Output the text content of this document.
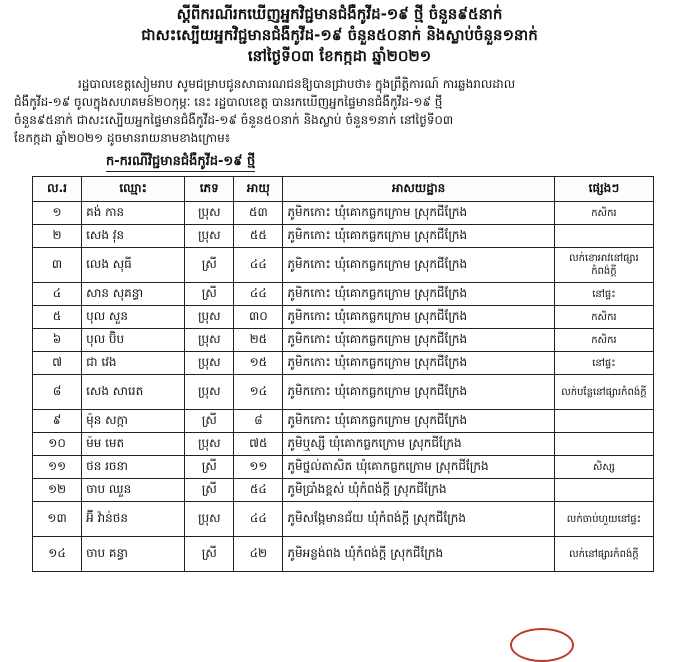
ស្ដីពីករណីរកឃើញអ្នកវិជ្ជមានជំងឺកូវីដ-១៩ ថ្មី ចំនួន៩៥នាក់

ជាសះស្បើយអ្នកវិជ្ជមានជំងឺកូវីដ-១៩ ចំនួន៥០នាក់ និងស្លាប់ចំនួន១នាក់

នៅថ្ងៃទី០៣ ខែកក្កដា ឆ្នាំ២០២១

រដ្ឋបាលខេត្តសៀមរាប សូមជម្រាបជូនសាធារណជនឱ្យបានជ្រាបថា៖ ក្នុងព្រឹត្តិការណ៍ ការឆ្លងរាលដាល

ជំងឺកូវីដ-១៩ ចូលក្នុងសហគមន៍២០កុម្ភៈ នេះ រដ្ឋបាលខេត្ត បានរកឃើញអ្នកផ្ទៃមានជំងឺកូវីដ-១៩ ថ្មី

ចំនួន៩៥នាក់ ជាសះស្បើយអ្នកផ្ទៃមានជំងឺកូវីដ-១៩ ចំនួន៥០នាក់ និងស្លាប់ ចំនួន១នាក់ នៅថ្ងៃទី០៣

ខែកក្កដា ឆ្នាំ២០២១ ដូចមានរាយនាមខាងក្រោម៖

ក-ករណីវិជ្ជមានជំងឺកូវីដ-១៩ ថ្មី
ល.រ	ឈ្មោះ	ភេទ	អាយុ	អាសយដ្ឋាន	ផ្សេងៗ
១	គង់ កាន	ប្រុស	៥៣	ភូមិកកោះ ឃុំគោកធ្លកក្រោម ស្រុកជីក្រែង	កសិករ
២	សេង វុន	ប្រុស	៥៥	ភូមិកកោះ ឃុំគោកធ្លកក្រោម ស្រុកជីក្រែង	
៣	លេង សុធី	ស្រី	៤៤	ភូមិកកោះ ឃុំគោកធ្លកក្រោម ស្រុកជីក្រែង	លក់ខោអាវនៅផ្សារកំពង់ក្ដី
៤	សាន សុគន្ធា	ស្រី	៤៤	ភូមិកកោះ ឃុំគោកធ្លកក្រោម ស្រុកជីក្រែង	នៅផ្ទះ
៥	បុល សួន	ប្រុស	៣០	ភូមិកកោះ ឃុំគោកធ្លកក្រោម ស្រុកជីក្រែង	កសិករ
៦	បុល ប៊ិប	ប្រុស	២៥	ភូមិកកោះ ឃុំគោកធ្លកក្រោម ស្រុកជីក្រែង	កសិករ
៧	ជា វេង	ប្រុស	១៥	ភូមិកកោះ ឃុំគោកធ្លកក្រោម ស្រុកជីក្រែង	នៅផ្ទះ
៨	សេង សារេត	ប្រុស	១៤	ភូមិកកោះ ឃុំគោកធ្លកក្រោម ស្រុកជីក្រែង	លក់បន្លែនៅផ្សារកំពង់ក្ដី
៩	ម៉ុន សក្កា	ស្រី	៨	ភូមិកកោះ ឃុំគោកធ្លកក្រោម ស្រុកជីក្រែង	
១០	ម៉ម មេត	ប្រុស	៧៥	ភូមិឬស្សី ឃុំគោកធ្លកក្រោម ស្រុកជីក្រែង	
១១	ថន រចនា	ស្រី	១១	ភូមិថ្នល់តាសិត ឃុំគោកធ្លកក្រោម ស្រុកជីក្រែង	សិស្ស
១២	ចាប ឈួន	ស្រី	៥៤	ភូមិប្រាំងខ្ពស់ ឃុំកំពង់ក្ដី ស្រុកជីក្រែង	
១៣	អ៊ី វ៉ាន់ថន	ប្រុស	៤៤	ភូមិសង្កែមានជ័យ ឃុំកំពង់ក្ដី ស្រុកជីក្រែង	លក់ចាប់ហួយនៅផ្ទះ
១៤	ចាប គន្ធា	ស្រី	៤២	ភូមិអន្លង់ពង ឃុំកំពង់ក្ដី ស្រុកជីក្រែង	លក់នៅផ្សារកំពង់ក្ដី
